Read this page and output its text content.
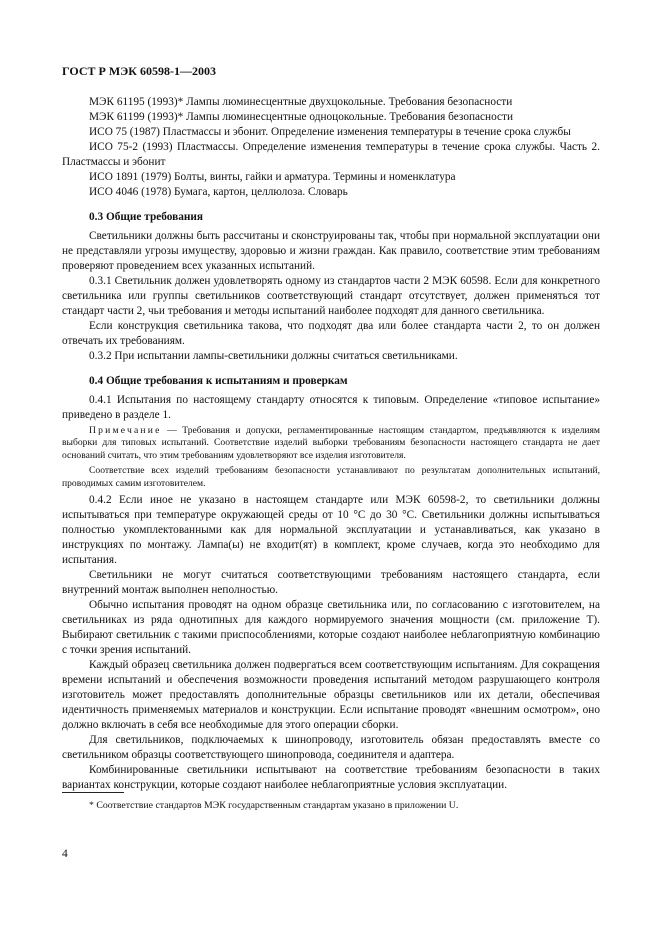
ГОСТ Р МЭК 60598-1—2003

МЭК 61195 (1993)* Лампы люминесцентные двухцокольные. Требования безопасности

МЭК 61199 (1993)* Лампы люминесцентные одноцокольные. Требования безопасности

ИСО 75 (1987) Пластмассы и эбонит. Определение изменения температуры в течение срока службы

ИСО 75-2 (1993) Пластмассы. Определение изменения температуры в течение срока службы. Часть 2. Пластмассы и эбонит

ИСО 1891 (1979) Болты, винты, гайки и арматура. Термины и номенклатура

ИСО 4046 (1978) Бумага, картон, целлюлоза. Словарь

0.3 Общие требования

Светильники должны быть рассчитаны и сконструированы так, чтобы при нормальной эксплуатации они не представляли угрозы имуществу, здоровью и жизни граждан. Как правило, соответствие этим требованиям проверяют проведением всех указанных испытаний.

0.3.1 Светильник должен удовлетворять одному из стандартов части 2 МЭК 60598. Если для конкретного светильника или группы светильников соответствующий стандарт отсутствует, должен применяться тот стандарт части 2, чьи требования и методы испытаний наиболее подходят для данного светильника.

Если конструкция светильника такова, что подходят два или более стандарта части 2, то он должен отвечать их требованиям.

0.3.2 При испытании лампы-светильники должны считаться светильниками.

0.4 Общие требования к испытаниям и проверкам

0.4.1 Испытания по настоящему стандарту относятся к типовым. Определение «типовое испытание» приведено в разделе 1.

Примечание — Требования и допуски, регламентированные настоящим стандартом, предъявляются к изделиям выборки для типовых испытаний. Соответствие изделий выборки требованиям безопасности настоящего стандарта не дает оснований считать, что этим требованиям удовлетворяют все изделия изготовителя.

Соответствие всех изделий требованиям безопасности устанавливают по результатам дополнительных испытаний, проводимых самим изготовителем.

0.4.2 Если иное не указано в настоящем стандарте или МЭК 60598-2, то светильники должны испытываться при температуре окружающей среды от 10 °С до 30 °С. Светильники должны испытываться полностью укомплектованными как для нормальной эксплуатации и устанавливаться, как указано в инструкциях по монтажу. Лампа(ы) не входит(ят) в комплект, кроме случаев, когда это необходимо для испытания.

Светильники не могут считаться соответствующими требованиям настоящего стандарта, если внутренний монтаж выполнен неполностью.

Обычно испытания проводят на одном образце светильника или, по согласованию с изготовителем, на светильниках из ряда однотипных для каждого нормируемого значения мощности (см. приложение Т). Выбирают светильник с такими приспособлениями, которые создают наиболее неблагоприятную комбинацию с точки зрения испытаний.

Каждый образец светильника должен подвергаться всем соответствующим испытаниям. Для сокращения времени испытаний и обеспечения возможности проведения испытаний методом разрушающего контроля изготовитель может предоставлять дополнительные образцы светильников или их детали, обеспечивая идентичность применяемых материалов и конструкции. Если испытание проводят «внешним осмотром», оно должно включать в себя все необходимые для этого операции сборки.

Для светильников, подключаемых к шинопроводу, изготовитель обязан предоставлять вместе со светильником образцы соответствующего шинопровода, соединителя и адаптера.

Комбинированные светильники испытывают на соответствие требованиям безопасности в таких вариантах конструкции, которые создают наиболее неблагоприятные условия эксплуатации.

* Соответствие стандартов МЭК государственным стандартам указано в приложении U.
4
